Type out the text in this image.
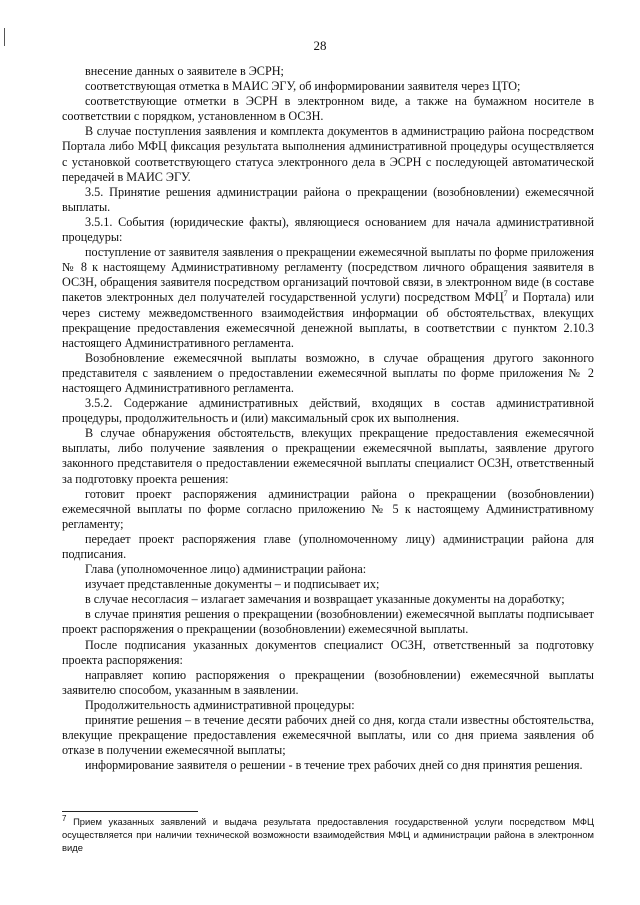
28

внесение данных о заявителе в ЭСРН;

соответствующая отметка в МАИС ЭГУ, об информировании заявителя через ЦТО;

соответствующие отметки в ЭСРН в электронном виде, а также на бумажном носителе в соответствии с порядком, установленном в ОСЗН.

В случае поступления заявления и комплекта документов в администрацию района посредством Портала либо МФЦ фиксация результата выполнения административной процедуры осуществляется с установкой соответствующего статуса электронного дела в ЭСРН с последующей автоматической передачей в МАИС ЭГУ.

3.5. Принятие решения администрации района о прекращении (возобновлении) ежемесячной выплаты.

3.5.1. События (юридические факты), являющиеся основанием для начала административной процедуры:

поступление от заявителя заявления о прекращении ежемесячной выплаты по форме приложения № 8 к настоящему Административному регламенту (посредством личного обращения заявителя в ОСЗН, обращения заявителя посредством организаций почтовой связи, в электронном виде (в составе пакетов электронных дел получателей государственной услуги) посредством МФЦ$^7$ и Портала) или через систему межведомственного взаимодействия информации об обстоятельствах, влекущих прекращение предоставления ежемесячной денежной выплаты, в соответствии с пунктом 2.10.3 настоящего Административного регламента.

Возобновление ежемесячной выплаты возможно, в случае обращения другого законного представителя с заявлением о предоставлении ежемесячной выплаты по форме приложения № 2 настоящего Административного регламента.

3.5.2. Содержание административных действий, входящих в состав административной процедуры, продолжительность и (или) максимальный срок их выполнения.

В случае обнаружения обстоятельств, влекущих прекращение предоставления ежемесячной выплаты, либо получение заявления о прекращении ежемесячной выплаты, заявление другого законного представителя о предоставлении ежемесячной выплаты специалист ОСЗН, ответственный за подготовку проекта решения:

готовит проект распоряжения администрации района о прекращении (возобновлении) ежемесячной выплаты по форме согласно приложению № 5 к настоящему Административному регламенту;

передает проект распоряжения главе (уполномоченному лицу) администрации района для подписания.

Глава (уполномоченное лицо) администрации района:

изучает представленные документы – и подписывает их;

в случае несогласия – излагает замечания и возвращает указанные документы на доработку;

в случае принятия решения о прекращении (возобновлении) ежемесячной выплаты подписывает проект распоряжения о прекращении (возобновлении) ежемесячной выплаты.

После подписания указанных документов специалист ОСЗН, ответственный за подготовку проекта распоряжения:

направляет копию распоряжения о прекращении (возобновлении) ежемесячной выплаты заявителю способом, указанным в заявлении.

Продолжительность административной процедуры:

принятие решения – в течение десяти рабочих дней со дня, когда стали известны обстоятельства, влекущие прекращение предоставления ежемесячной выплаты, или со дня приема заявления об отказе в получении ежемесячной выплаты;

информирование заявителя о решении - в течение трех рабочих дней со дня принятия решения.

$^7$ Прием указанных заявлений и выдача результата предоставления государственной услуги посредством МФЦ осуществляется при наличии технической возможности взаимодействия МФЦ и администрации района в электронном виде
